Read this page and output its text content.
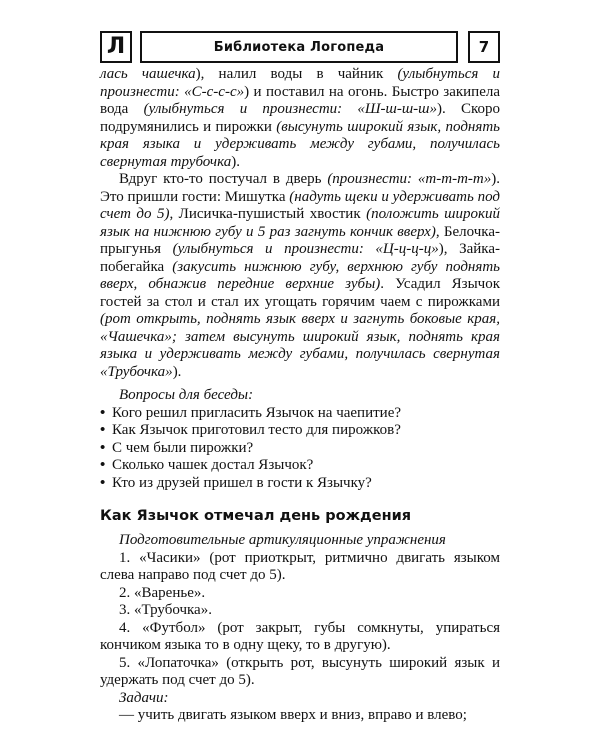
Л	Библиотека Логопеда	7

лась чашечка), налил воды в чайник (улыбнуться и произнести: «С-с-с-с») и поставил на огонь. Быстро закипела вода (улыбнуться и произнести: «Ш-ш-ш-ш»). Скоро подрумянились и пирожки (высунуть широкий язык, поднять края языка и удерживать между губами, получилась свернутая трубочка).

Вдруг кто-то постучал в дверь (произнести: «т-т-т-т»). Это пришли гости: Мишутка (надуть щеки и удерживать под счет до 5), Лисичка-пушистый хвостик (положить широкий язык на нижнюю губу и 5 раз загнуть кончик вверх), Белочка-прыгунья (улыбнуться и произнести: «Ц-ц-ц-ц»), Зайка-побегайка (закусить нижнюю губу, верхнюю губу поднять вверх, обнажив передние верхние зубы). Усадил Язычок гостей за стол и стал их угощать горячим чаем с пирожками (рот открыть, поднять язык вверх и загнуть боковые края, «Чашечка»; затем высунуть широкий язык, поднять края языка и удерживать между губами, получилась свернутая «Трубочка»).

Вопросы для беседы:

• Кого решил пригласить Язычок на чаепитие?
• Как Язычок приготовил тесто для пирожков?
• С чем были пирожки?
• Сколько чашек достал Язычок?
• Кто из друзей пришел в гости к Язычку?

Как Язычок отмечал день рождения

Подготовительные артикуляционные упражнения

1. «Часики» (рот приоткрыт, ритмично двигать языком слева направо под счет до 5).

2. «Варенье».

3. «Трубочка».

4. «Футбол» (рот закрыт, губы сомкнуты, упираться кончиком языка то в одну щеку, то в другую).

5. «Лопаточка» (открыть рот, высунуть широкий язык и удержать под счет до 5).

Задачи:

— учить двигать языком вверх и вниз, вправо и влево;
